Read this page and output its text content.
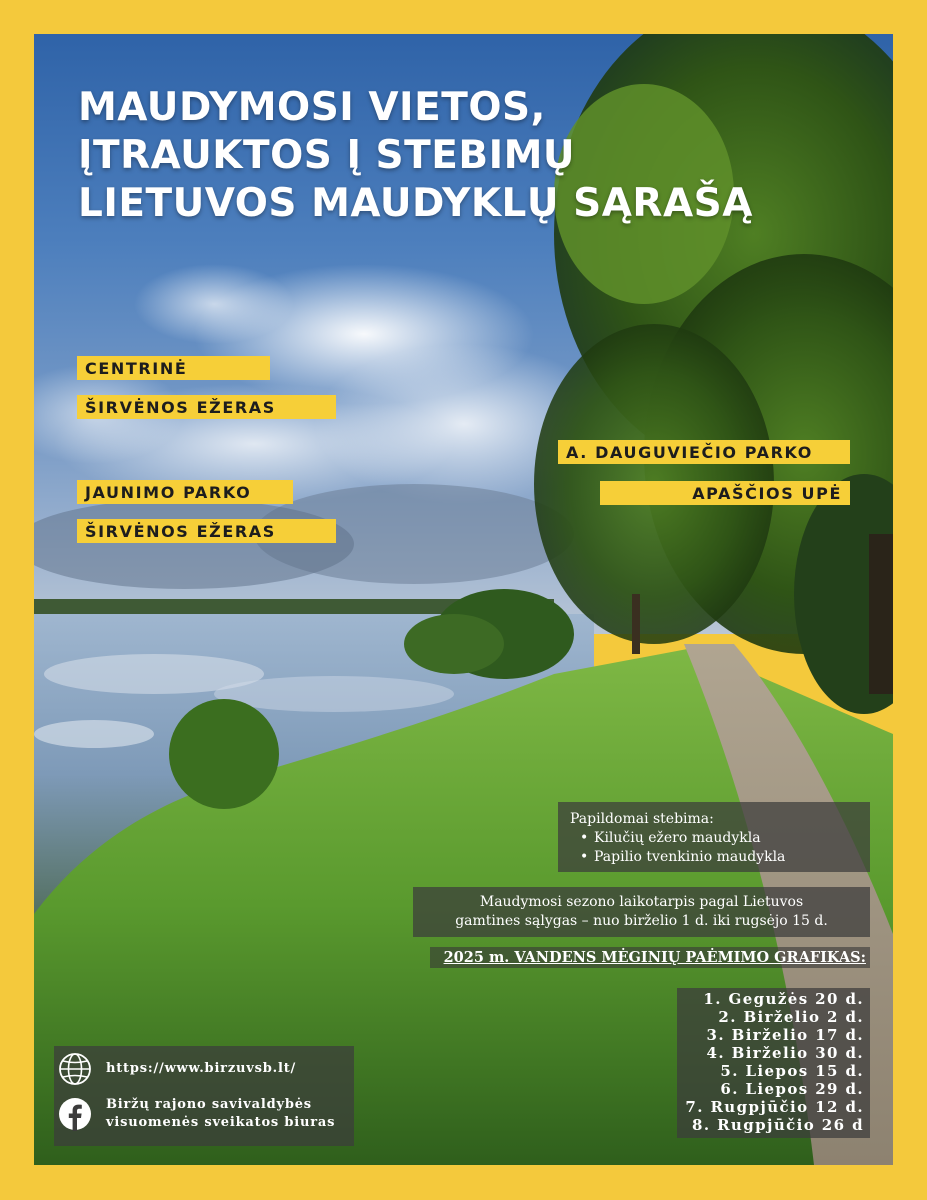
MAUDYMOSI VIETOS,
ĮTRAUKTOS Į STEBIMŲ
LIETUVOS MAUDYKLŲ SĄRAŠĄ
CENTRINĖ
ŠIRVĖNOS EŽERAS
JAUNIMO PARKO
ŠIRVĖNOS EŽERAS
A. DAUGUVIEČIO PARKO
APAŠČIOS UPĖ
Papildomai stebima:
• Kilučių ežero maudykla
• Papilio tvenkinio maudykla
Maudymosi sezono laikotarpis pagal Lietuvos
gamtines sąlygas – nuo birželio 1 d. iki rugsėjo 15 d.
2025 m. VANDENS MĖGINIŲ PAĖMIMO GRAFIKAS:
1. Gegužės 20 d.
2. Birželio 2 d.
3. Birželio 17 d.
4. Birželio 30 d.
5. Liepos 15 d.
6. Liepos 29 d.
7. Rugpjūčio 12 d.
8. Rugpjūčio 26 d
https://www.birzuvsb.lt/
Biržų rajono savivaldybės
visuomenės sveikatos biuras
